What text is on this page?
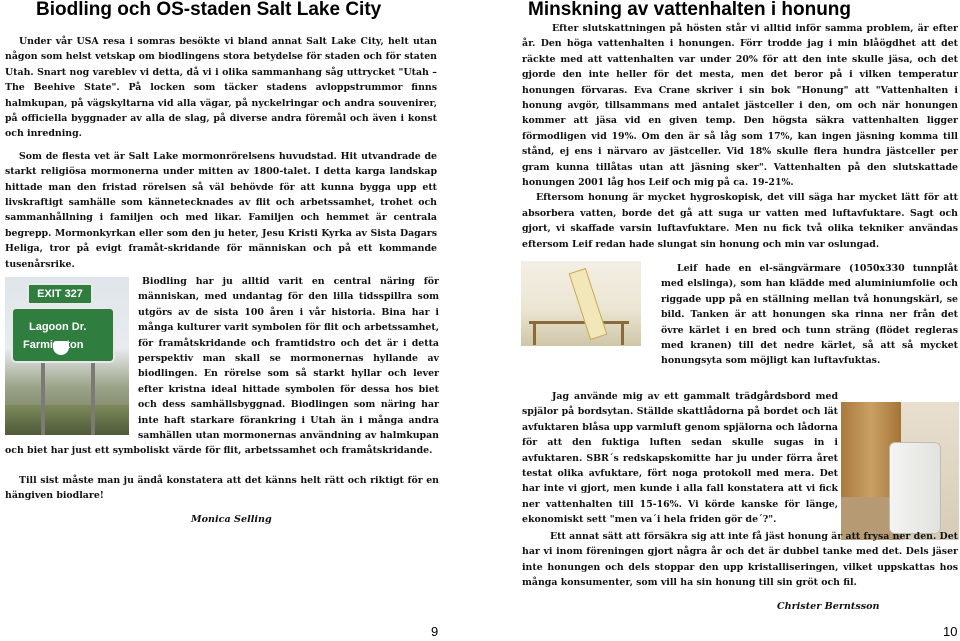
Biodling och OS-staden Salt Lake City

Under vår USA resa i somras besökte vi bland annat Salt Lake City, helt utan någon som helst vetskap om biodlingens stora betydelse för staden och för staten Utah. Snart nog vareblev vi detta, då vi i olika sammanhang såg uttrycket "Utah – The Beehive State". På locken som täcker stadens avloppstrummor finns halmkupan, på vägskyltarna vid alla vägar, på nyckelringar och andra souvenirer, på officiella byggnader av alla de slag, på diverse andra föremål och även i konst och inredning.

Som de flesta vet är Salt Lake mormonrörelsens huvudstad. Hit utvandrade de starkt religiösa mormonerna under mitten av 1800-talet. I detta karga landskap hittade man den fristad rörelsen så väl behövde för att kunna bygga upp ett livskraftigt samhälle som kännetecknades av flit och arbetssamhet, trohet och sammanhållning i familjen och med likar. Familjen och hemmet är centrala begrepp. Mormonkyrkan eller som den ju heter, Jesu Kristi Kyrka av Sista Dagars Heliga, tror på evigt framåt-skridande för människan och på ett kommande tusenårsrike.

EXIT 327
Lagoon Dr.
Farmington

Biodling har ju alltid varit en central näring för människan, med undantag för den lilla tidsspillra som utgörs av de sista 100 åren i vår historia. Bina har i många kulturer varit symbolen för flit och arbetssamhet, för framåtskridande och framtidstro och det är i detta perspektiv man skall se mormonernas hyllande av biodlingen. En rörelse som så starkt hyllar och lever efter kristna ideal hittade symbolen för dessa hos biet och dess samhällsbyggnad. Biodlingen som näring har inte haft starkare förankring i Utah än i många andra samhällen utan mormonernas användning av halmkupan och biet har just ett symboliskt värde för flit, arbetssamhet och framåtskridande.

Till sist måste man ju ändå konstatera att det känns helt rätt och riktigt för en hängiven biodlare!

Monica Selling
9
Minskning av vattenhalten i honung

Efter slutskattningen på hösten står vi alltid inför samma problem, är efter år. Den höga vattenhalten i honungen. Förr trodde jag i min blåögdhet att det räckte med att vattenhalten var under 20% för att den inte skulle jäsa, och det gjorde den inte heller för det mesta, men det beror på i vilken temperatur honungen förvaras. Eva Crane skriver i sin bok "Honung" att "Vattenhalten i honung avgör, tillsammans med antalet jästceller i den, om och när honungen kommer att jäsa vid en given temp. Den högsta säkra vattenhalten ligger förmodligen vid 19%. Om den är så låg som 17%, kan ingen jäsning komma till stånd, ej ens i närvaro av jästceller. Vid 18% skulle flera hundra jästceller per gram kunna tillåtas utan att jäsning sker". Vattenhalten på den slutskattade honungen 2001 låg hos Leif och mig på ca. 19-21%.

Eftersom honung är mycket hygroskopisk, det vill säga har mycket lätt för att absorbera vatten, borde det gå att suga ur vatten med luftavfuktare. Sagt och gjort, vi skaffade varsin luftavfuktare. Men nu fick två olika tekniker användas eftersom Leif redan hade slungat sin honung och min var oslungad.

Leif hade en el-sängvärmare (1050x330 tunnplåt med elslinga), som han klädde med aluminiumfolie och riggade upp på en ställning mellan två honungskärl, se bild. Tanken är att honungen ska rinna ner från det övre kärlet i en bred och tunn sträng (flödet regleras med kranen) till det nedre kärlet, så att så mycket honungsyta som möjligt kan luftavfuktas.

Jag använde mig av ett gammalt trädgårdsbord med spjälor på bordsytan. Ställde skattlådorna på bordet och lät avfuktaren blåsa upp varmluft genom spjälorna och lådorna för att den fuktiga luften sedan skulle sugas in i avfuktaren. SBR´s redskapskomitte har ju under förra året testat olika avfuktare, fört noga protokoll med mera. Det har inte vi gjort, men kunde i alla fall konstatera att vi fick ner vattenhalten till 15-16%. Vi körde kanske för länge, ekonomiskt sett "men va´i hela friden gör de´?".

Ett annat sätt att försäkra sig att inte få jäst honung är att frysa ner den. Det har vi inom föreningen gjort några år och det är dubbel tanke med det. Dels jäser inte honungen och dels stoppar den upp kristalliseringen, vilket uppskattas hos många konsumenter, som vill ha sin honung till sin gröt och fil.

Christer Berntsson
10
